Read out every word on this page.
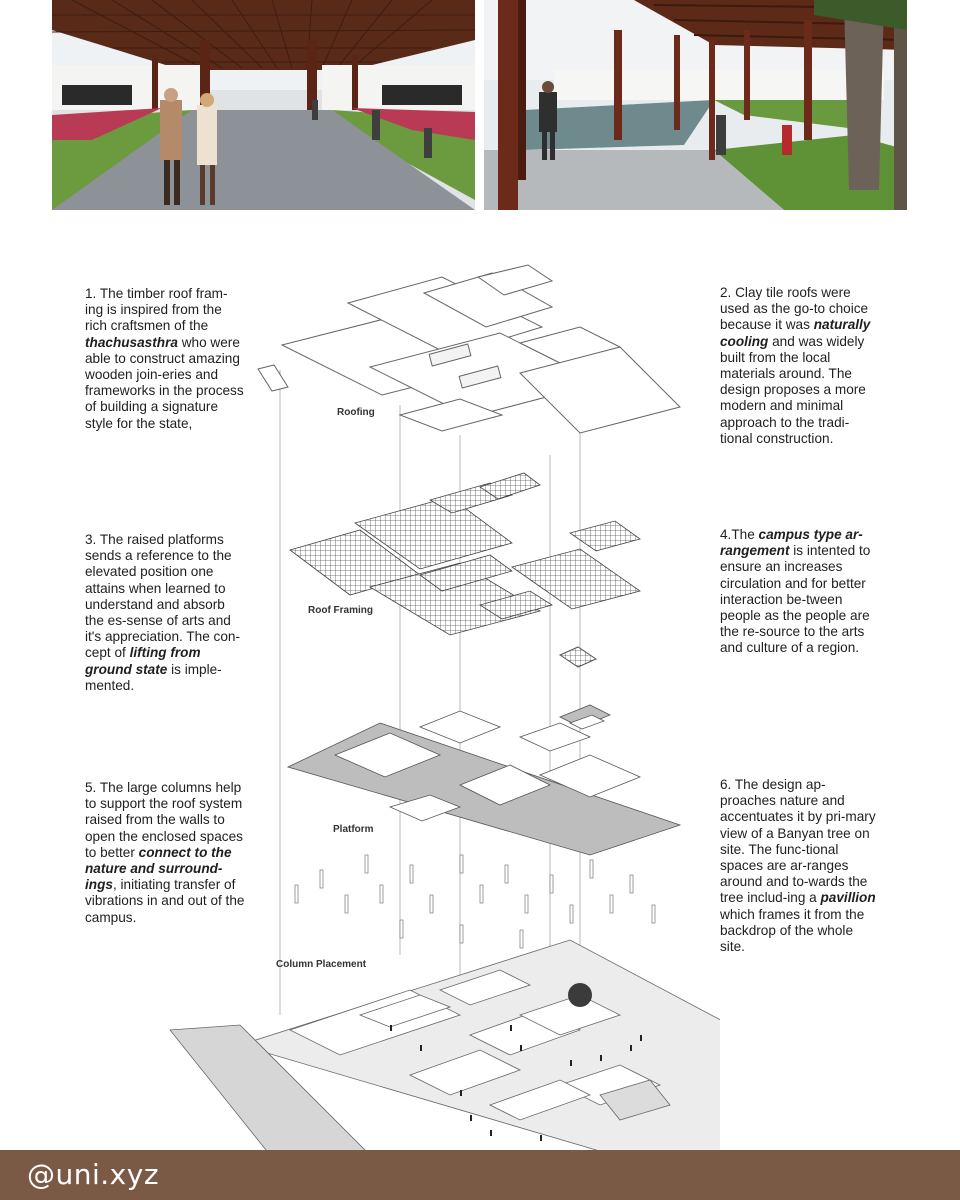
Roofing
Roof Framing
Platform
Column Placement
1. The timber roof fram-ing is inspired from the rich craftsmen of the thachusasthra who were able to construct amazing wooden join-eries and frameworks in the process of building a signature style for the state,
2. Clay tile roofs were used as the go-to choice because it was naturally cooling and was widely built from the local materials around. The design proposes a more modern and minimal approach to the tradi-tional construction.
3. The raised platforms sends a reference to the elevated position one attains when learned to understand and absorb the es-sense of arts and it's appreciation. The con-cept of lifting from ground state is imple-mented.
4.The campus type ar-rangement is intented to ensure an increases circulation and for better interaction be-tween people as the people are the re-source to the arts and culture of a region.
5. The large columns help to support the roof system raised from the walls to open the enclosed spaces to better connect to the nature and surround-ings, initiating transfer of vibrations in and out of the campus.
6. The design ap-proaches nature and accentuates it by pri-mary view of a Banyan tree on site. The func-tional spaces are ar-ranges around and to-wards the tree includ-ing a pavillion which frames it from the backdrop of the whole site.
@uni.xyz
